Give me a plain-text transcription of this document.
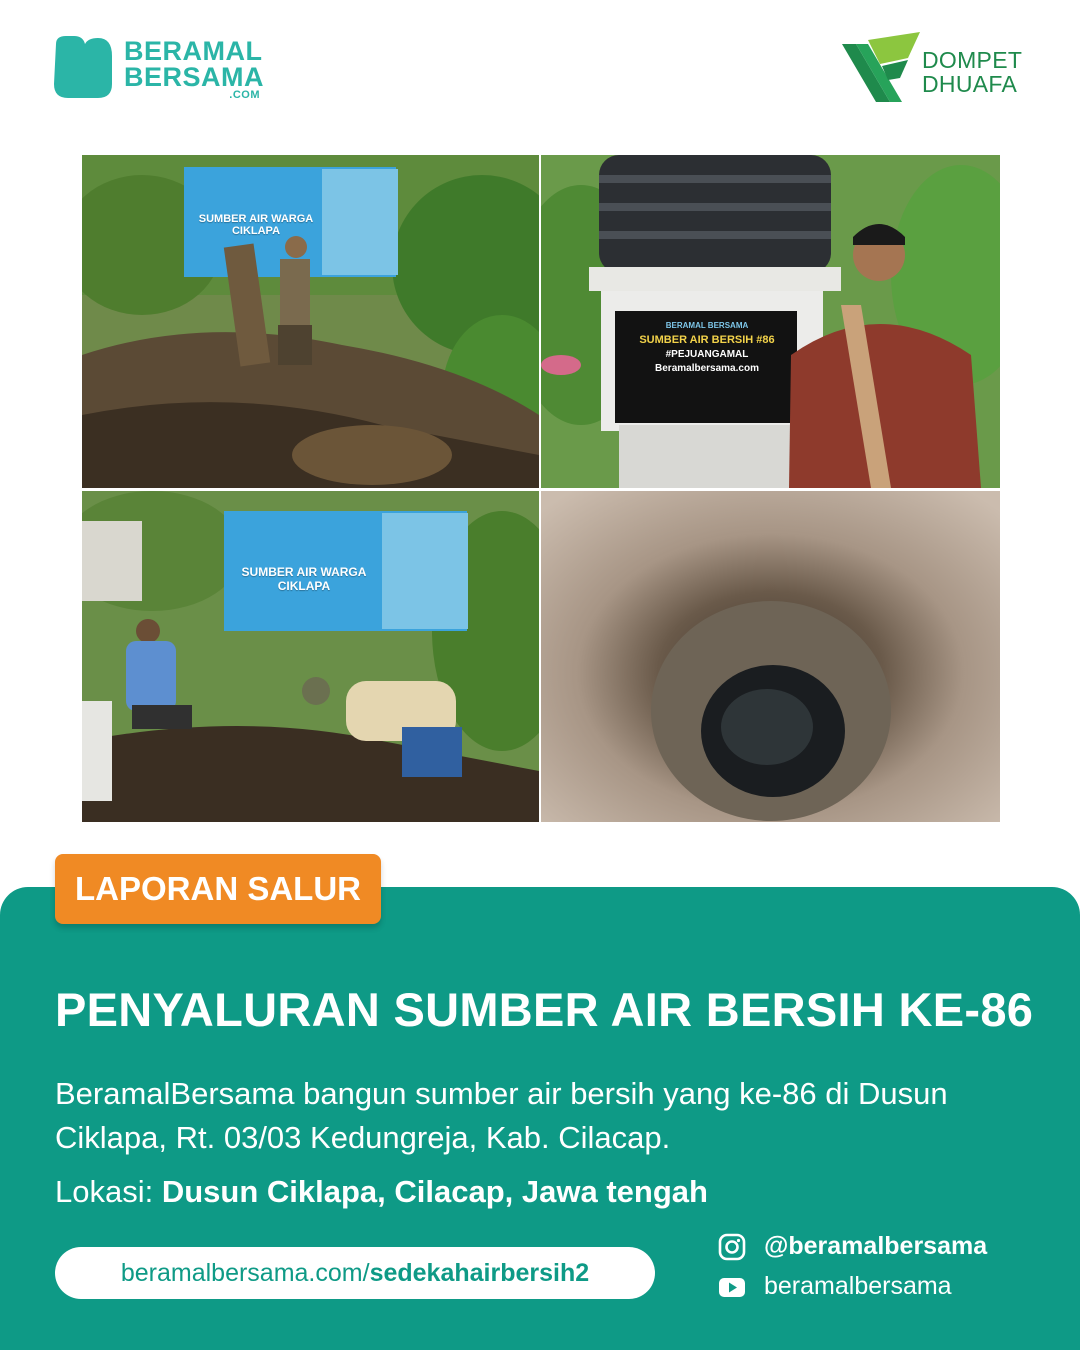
BERAMAL
BERSAMA
.COM
DOMPET
DHUAFA
SUMBER AIR WARGA
CIKLAPA
BERAMAL BERSAMA
SUMBER AIR BERSIH #86
#PEJUANGAMAL
Beramalbersama.com
SUMBER AIR WARGA
CIKLAPA
LAPORAN SALUR
PENYALURAN SUMBER AIR BERSIH KE-86
BeramalBersama bangun sumber air bersih yang ke-86 di Dusun Ciklapa, Rt. 03/03 Kedungreja, Kab. Cilacap.
Lokasi: Dusun Ciklapa, Cilacap, Jawa tengah
beramalbersama.com/sedekahairbersih2
@beramalbersama
beramalbersama
